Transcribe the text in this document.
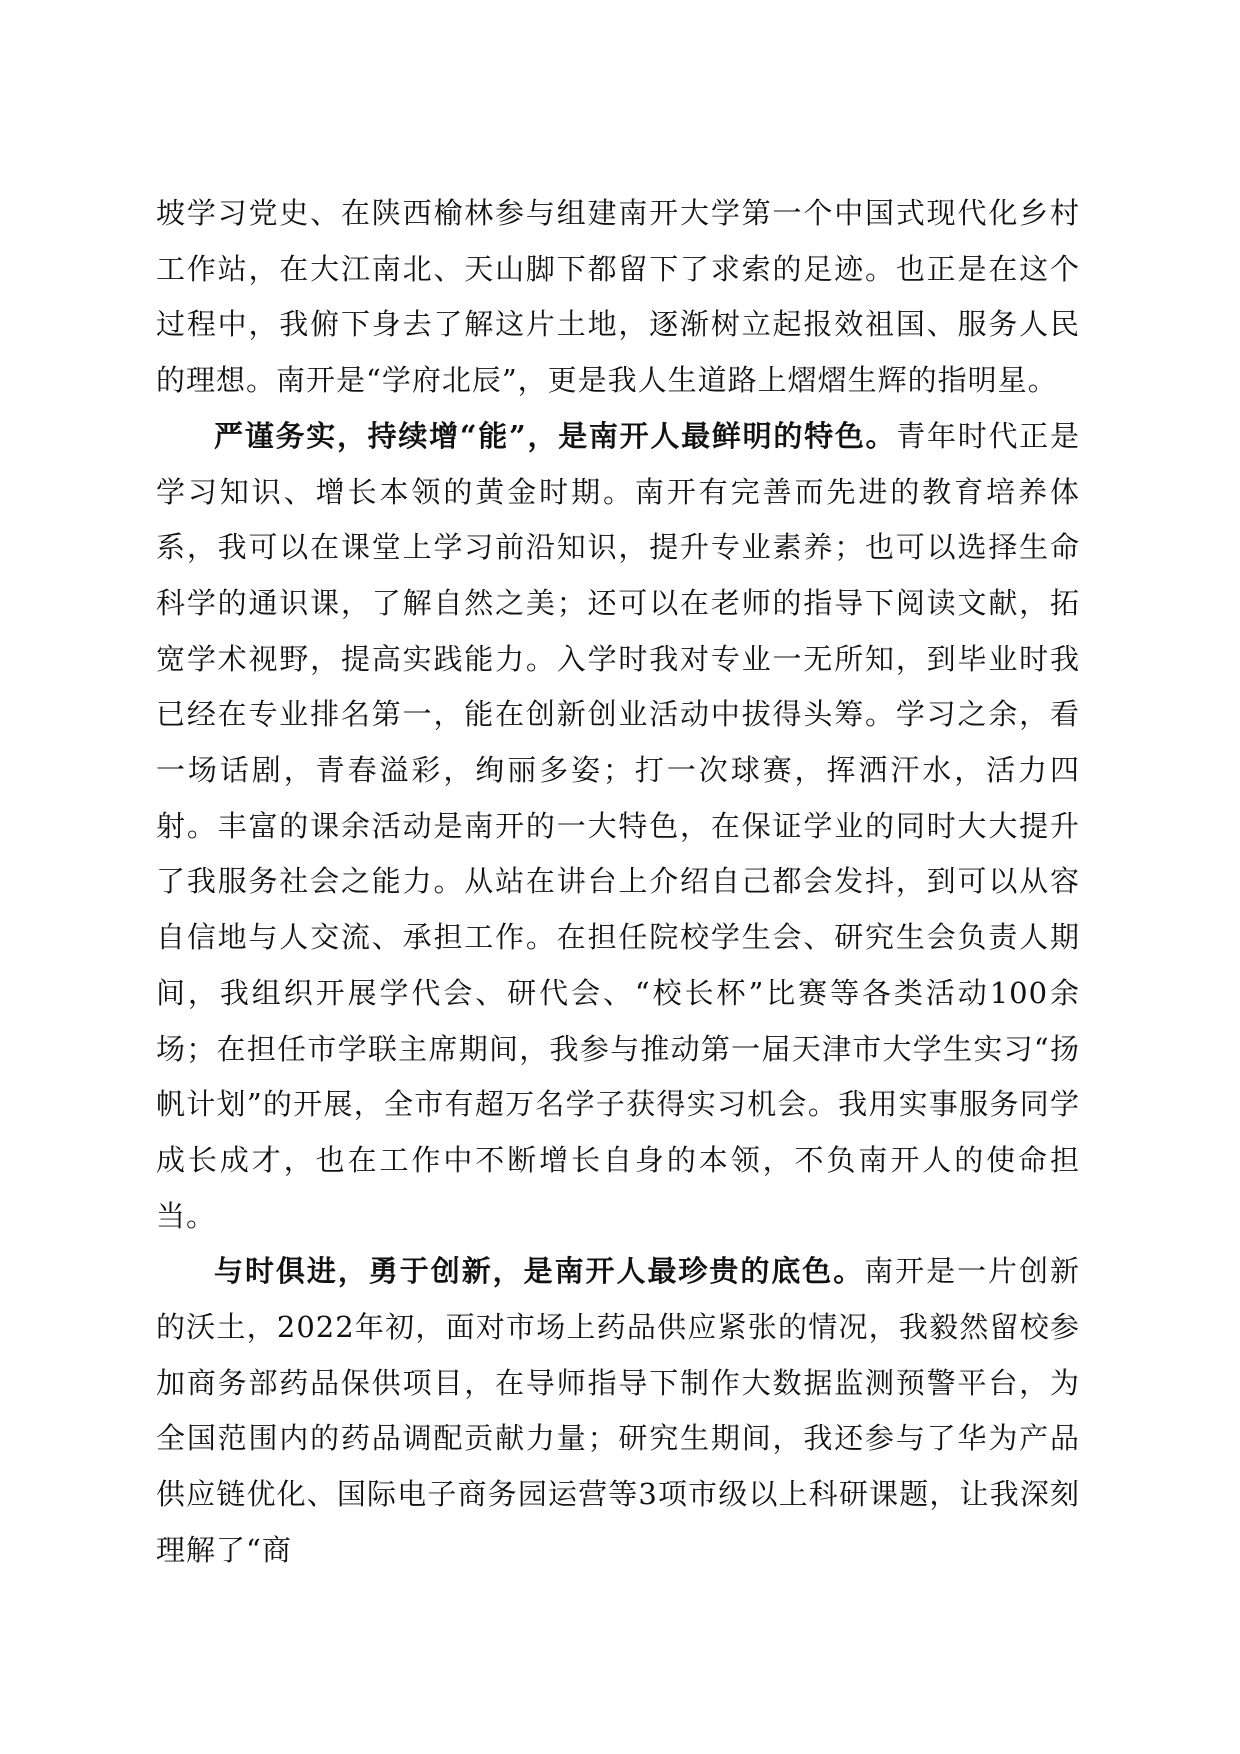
坡学习党史、在陕西榆林参与组建南开大学第一个中国式现代化乡村工作站，在大江南北、天山脚下都留下了求索的足迹。也正是在这个过程中，我俯下身去了解这片土地，逐渐树立起报效祖国、服务人民的理想。南开是“学府北辰”，更是我人生道路上熠熠生辉的指明星。

严谨务实，持续增“能”，是南开人最鲜明的特色。青年时代正是学习知识、增长本领的黄金时期。南开有完善而先进的教育培养体系，我可以在课堂上学习前沿知识，提升专业素养；也可以选择生命科学的通识课，了解自然之美；还可以在老师的指导下阅读文献，拓宽学术视野，提高实践能力。入学时我对专业一无所知，到毕业时我已经在专业排名第一，能在创新创业活动中拔得头筹。学习之余，看一场话剧，青春溢彩，绚丽多姿；打一次球赛，挥洒汗水，活力四射。丰富的课余活动是南开的一大特色，在保证学业的同时大大提升了我服务社会之能力。从站在讲台上介绍自己都会发抖，到可以从容自信地与人交流、承担工作。在担任院校学生会、研究生会负责人期间，我组织开展学代会、研代会、“校长杯”比赛等各类活动100余场；在担任市学联主席期间，我参与推动第一届天津市大学生实习“扬帆计划”的开展，全市有超万名学子获得实习机会。我用实事服务同学成长成才，也在工作中不断增长自身的本领，不负南开人的使命担当。

与时俱进，勇于创新，是南开人最珍贵的底色。南开是一片创新的沃土，2022年初，面对市场上药品供应紧张的情况，我毅然留校参加商务部药品保供项目，在导师指导下制作大数据监测预警平台，为全国范围内的药品调配贡献力量；研究生期间，我还参与了华为产品供应链优化、国际电子商务园运营等3项市级以上科研课题，让我深刻理解了“商
